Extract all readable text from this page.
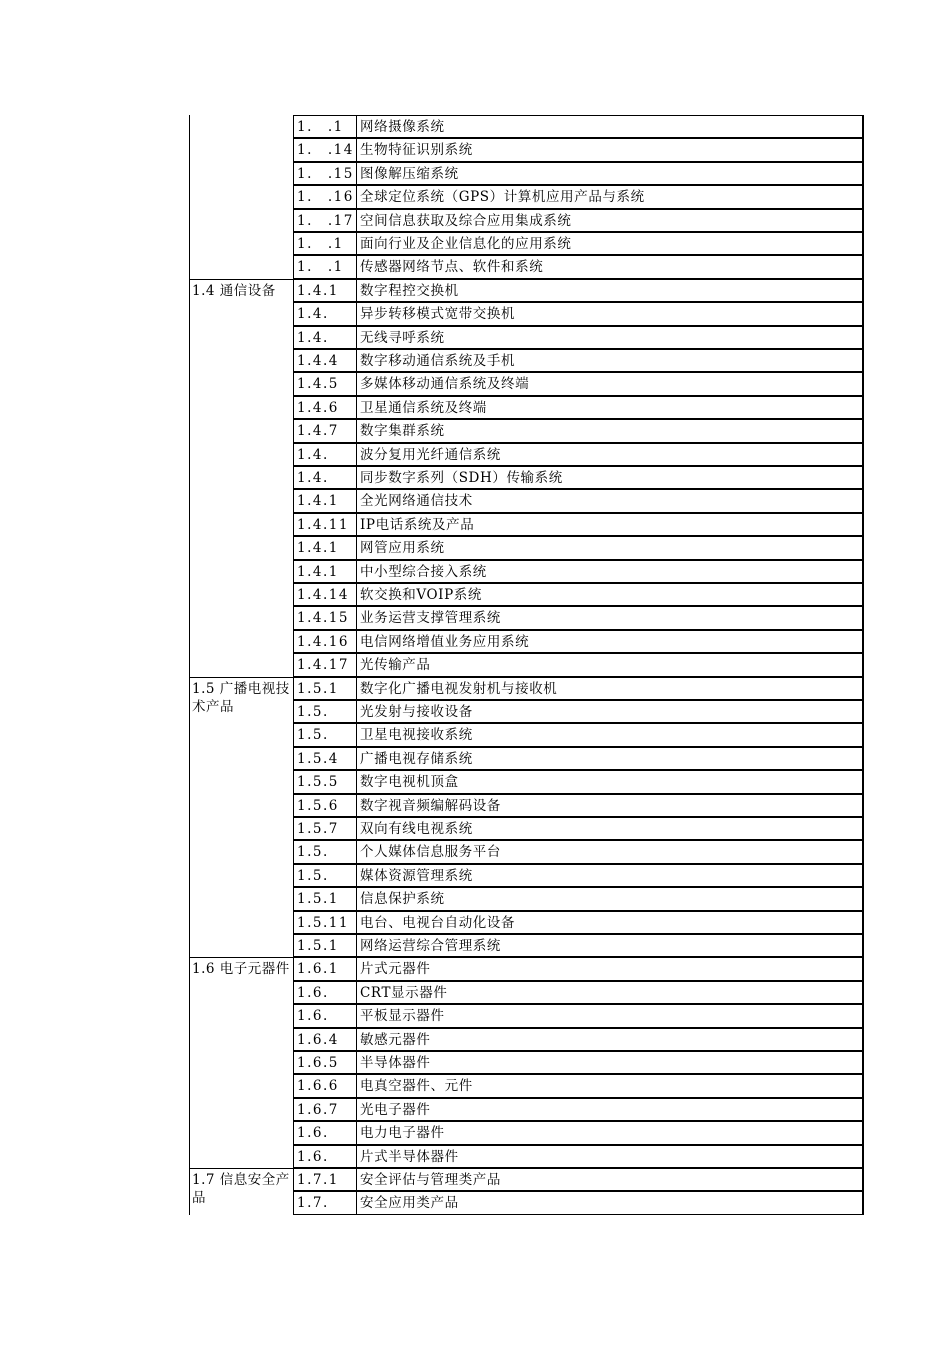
1.　.1	网络摄像系统
1.　.14 生物特征识别系统
1.　.15 图像解压缩系统
1.　.16 全球定位系统（GPS）计算机应用产品与系统
1.　.17 空间信息获取及综合应用集成系统
1.　.1	面向行业及企业信息化的应用系统
1.　.1	传感器网络节点、软件和系统
1.4 通信设备	1.4.1	数字程控交换机
1.4.	异步转移模式宽带交换机
1.4.	无线寻呼系统
1.4.4	数字移动通信系统及手机
1.4.5	多媒体移动通信系统及终端
1.4.6	卫星通信系统及终端
1.4.7	数字集群系统
1.4.	波分复用光纤通信系统
1.4.	同步数字系列（SDH）传输系统
1.4.1	全光网络通信技术
1.4.11 IP电话系统及产品
1.4.1	网管应用系统
1.4.1	中小型综合接入系统
1.4.14 软交换和VOIP系统
1.4.15 业务运营支撑管理系统
1.4.16 电信网络增值业务应用系统
1.4.17 光传输产品
1.5 广播电视技术产品
1.5.1	数字化广播电视发射机与接收机
1.5.	光发射与接收设备
1.5.	卫星电视接收系统
1.5.4	广播电视存储系统
1.5.5	数字电视机顶盒
1.5.6	数字视音频编解码设备
1.5.7	双向有线电视系统
1.5.	个人媒体信息服务平台
1.5.	媒体资源管理系统
1.5.1	信息保护系统
1.5.11 电台、电视台自动化设备
1.5.1	网络运营综合管理系统
1.6 电子元器件 1.6.1	片式元器件
1.6.	CRT显示器件
1.6.	平板显示器件
1.6.4	敏感元器件
1.6.5	半导体器件
1.6.6	电真空器件、元件
1.6.7	光电子器件
1.6.	电力电子器件
1.6.	片式半导体器件
1.7 信息安全产品
1.7.1	安全评估与管理类产品
1.7.	安全应用类产品
